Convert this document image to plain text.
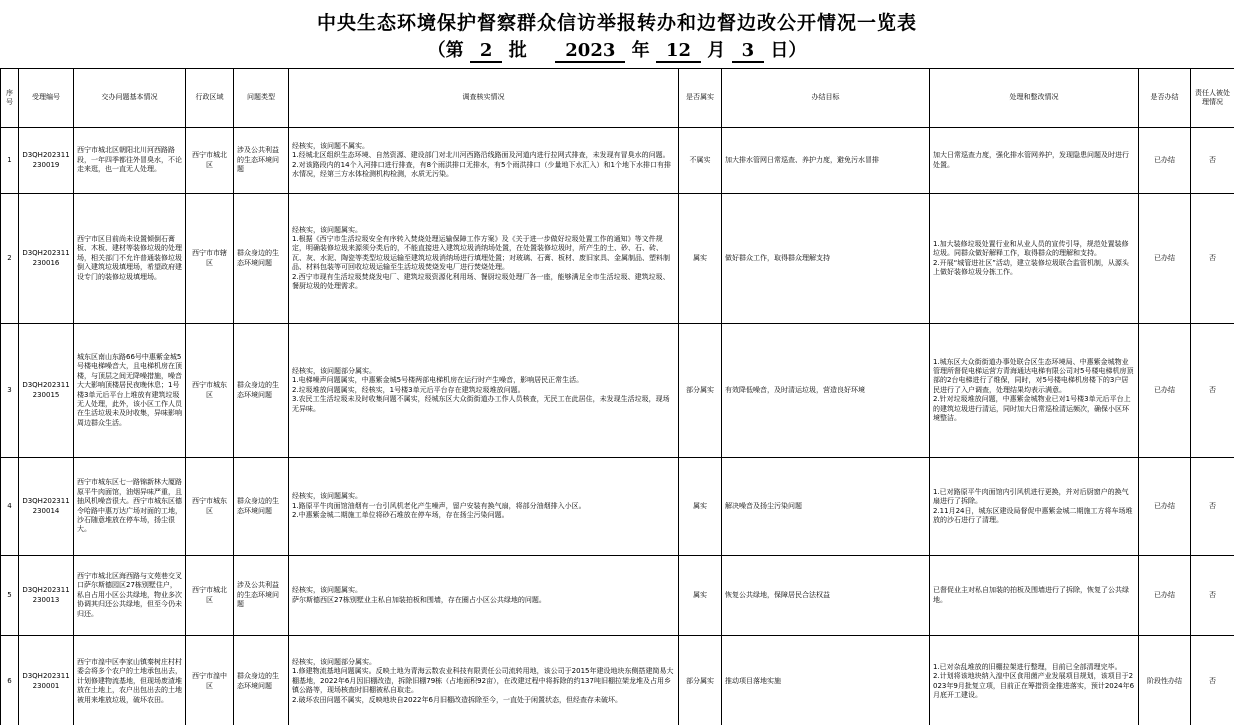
中央生态环境保护督察群众信访举报转办和边督边改公开情况一览表
（第 2 批 2023 年 12 月 3 日）
序号	受理编号	交办问题基本情况	行政区域	问题类型	调查核实情况	是否属实	办结目标	处理和整改情况	是否办结	责任人被处理情况
1	D3QH202311230019	西宁市城北区朝阳北川河西路路段，一年四季都往外冒臭水，不论走来逛，也一直无人处理。	西宁市城北区	涉及公共利益的生态环境问题	经核实，该问题不属实。
1.经城北区组织生态环境、自然资源、建设部门对北川河西路沿线路面及河道内进行拉网式排查，未发现有冒臭水的问题。
2.对该路段内的14个入河排口进行排查，有8个雨洪排口无排水，有5个雨洪排口（少量地下水汇入）和1个地下水排口有排水情况，经第三方水体检测机构检测，水质无污染。	不属实	加大排水管网日常巡查、养护力度，避免污水冒排	加大日常巡查力度，强化排水管网养护，发现隐患问题及时进行处置。	已办结	否
2	D3QH202311230016	西宁市区目前尚未设置倾倒石膏板、木板、建材等装修垃圾的处理场，相关部门不允许普通装修垃圾倒入建筑垃圾填埋场，希望政府建设专门的装修垃圾填埋场。	西宁市市辖区	群众身边的生态环境问题	经核实，该问题属实。
1.根据《西宁市生活垃圾安全有序转入焚烧处理运输保障工作方案》及《关于进一步做好垃圾处置工作的通知》等文件规定，明确装修垃圾来源须分类后的，不能直接进入建筑垃圾消纳场处置，在处置装修垃圾时，所产生的土、砂、石、砖、瓦、灰、水泥、陶瓷等类型垃圾运输至建筑垃圾消纳场进行填埋处置；对玻璃、石膏、板材、废旧家具、金属制品、塑料制品、材料包装等可回收垃圾运输至生活垃圾焚烧发电厂进行焚烧处理。
2.西宁市现有生活垃圾焚烧发电厂、建筑垃圾资源化利用场、餐厨垃圾处理厂各一座，能够满足全市生活垃圾、建筑垃圾、餐厨垃圾的处理需求。	属实	做好群众工作，取得群众理解支持	1.加大装修垃圾处置行业和从业人员的宣传引导，规范处置装修垃圾。同群众做好解释工作，取得群众的理解和支持。
2.开展“城管进社区”活动，建立装修垃圾联合监管机制，从源头上做好装修垃圾分拣工作。	已办结	否
3	D3QH202311230015	城东区南山东路66号中惠紫金城5号楼电梯噪音大，且电梯机房在顶楼，与顶层之间无降噪措施，噪音大大影响顶楼居民夜晚休息；1号楼3单元后平台上堆放有建筑垃圾无人处理，此外，该小区工作人员在生活垃圾未及时收集，异味影响周边群众生活。	西宁市城东区	群众身边的生态环境问题	经核实，该问题部分属实。
1.电梯噪声问题属实，中惠紫金城5号楼两部电梯机房在运行时产生噪音，影响居民正常生活。
2.垃圾堆放问题属实，经核实，1号楼3单元后平台存在建筑垃圾堆放问题。
3.农民工生活垃圾未及时收集问题不属实，经城东区大众街街道办工作人员核查，无民工在此居住，未发现生活垃圾，现场无异味。	部分属实	有效降低噪音，及时清运垃圾，营造良好环境	1.城东区大众街街道办事处联合区生态环境局、中惠紫金城物业管理所督促电梯运营方青海通达电梯有限公司对5号楼电梯机房顶部的2台电梯进行了维保，同时，对5号楼电梯机房楼下的3户居民进行了入户调查，处理结果均表示满意。
2.针对垃圾堆放问题，中惠紫金城物业已对1号楼3单元后平台上的建筑垃圾进行清运，同时加大日常巡检清运频次，确保小区环境整洁。	已办结	否
4	D3QH202311230014	西宁市城东区七一路锦新林大厦路原平牛肉面馆，油烟异味严重，且抽风机噪音很大。西宁市城东区德令哈路中惠万达广场对面的工地，沙石随意堆放在停车场，扬尘很大。	西宁市城东区	群众身边的生态环境问题	经核实，该问题属实。
1.路原平牛肉面馆油烟有一台引风机老化产生噪声，留户安装有换气扇，将部分油烟排入小区。
2.中惠紫金城二期施工单位将砂石堆放在停车场，存在扬尘污染问题。	属实	解决噪音及扬尘污染问题	1.已对路原平牛肉面馆内引风机进行更换，并对后厨窗户的换气扇进行了拆除。
2.11月24日，城东区建设局督促中惠紫金城二期施工方将车场堆放的沙石进行了清理。	已办结	否
5	D3QH202311230013	西宁市城北区海西路与文苑巷交叉口萨尔斯德园区27栋别墅住户，私自占用小区公共绿地，物业多次协调其归还公共绿地，但至今仍未归还。	西宁市城北区	涉及公共利益的生态环境问题	经核实，该问题属实。
萨尔斯德西区27栋别墅业主私自加装拍板和围墙，存在圈占小区公共绿地的问题。	属实	恢复公共绿地，保障居民合法权益	已督促业主对私自加装的拍板及围墙进行了拆除，恢复了公共绿地。	已办结	否
6	D3QH202311230001	西宁市湟中区李家山镇秦树庄村村委会将多个农户的土地承包出去，计划修建物流基地，但现场废渣堆放在土地上，农户出包出去的土地被用来堆放垃圾，破坏农田。	西宁市湟中区	群众身边的生态环境问题	经核实，该问题部分属实。
1.修建物流基地问题属实。反映土地为青海云数农业科技有限责任公司流转用地，该公司于2015年建设地块东侧搭建简易大棚基地，2022年6月因旧棚改造，拆除旧棚79栋（占地面积92亩），在改建过程中将拆除的约137吨旧棚拉架龙堆及占用乡镇公路等，现场核查时旧棚被私自取走。
2.破坏农田问题不属实，反映地块自2022年6月旧棚改造拆除至今，一直处于闲置状态，但经查存未破坏。	部分属实	推动项目落地实施	1.已对杂乱堆放的旧棚拉架进行整理，目前已全部清理完毕。
2.计划将该地块纳入湟中区食用菌产业发展项目规划，该项目于2023年9月批复立项，目前正在筹措资金推进落实，预计2024年6月底开工建设。	阶段性办结	否
